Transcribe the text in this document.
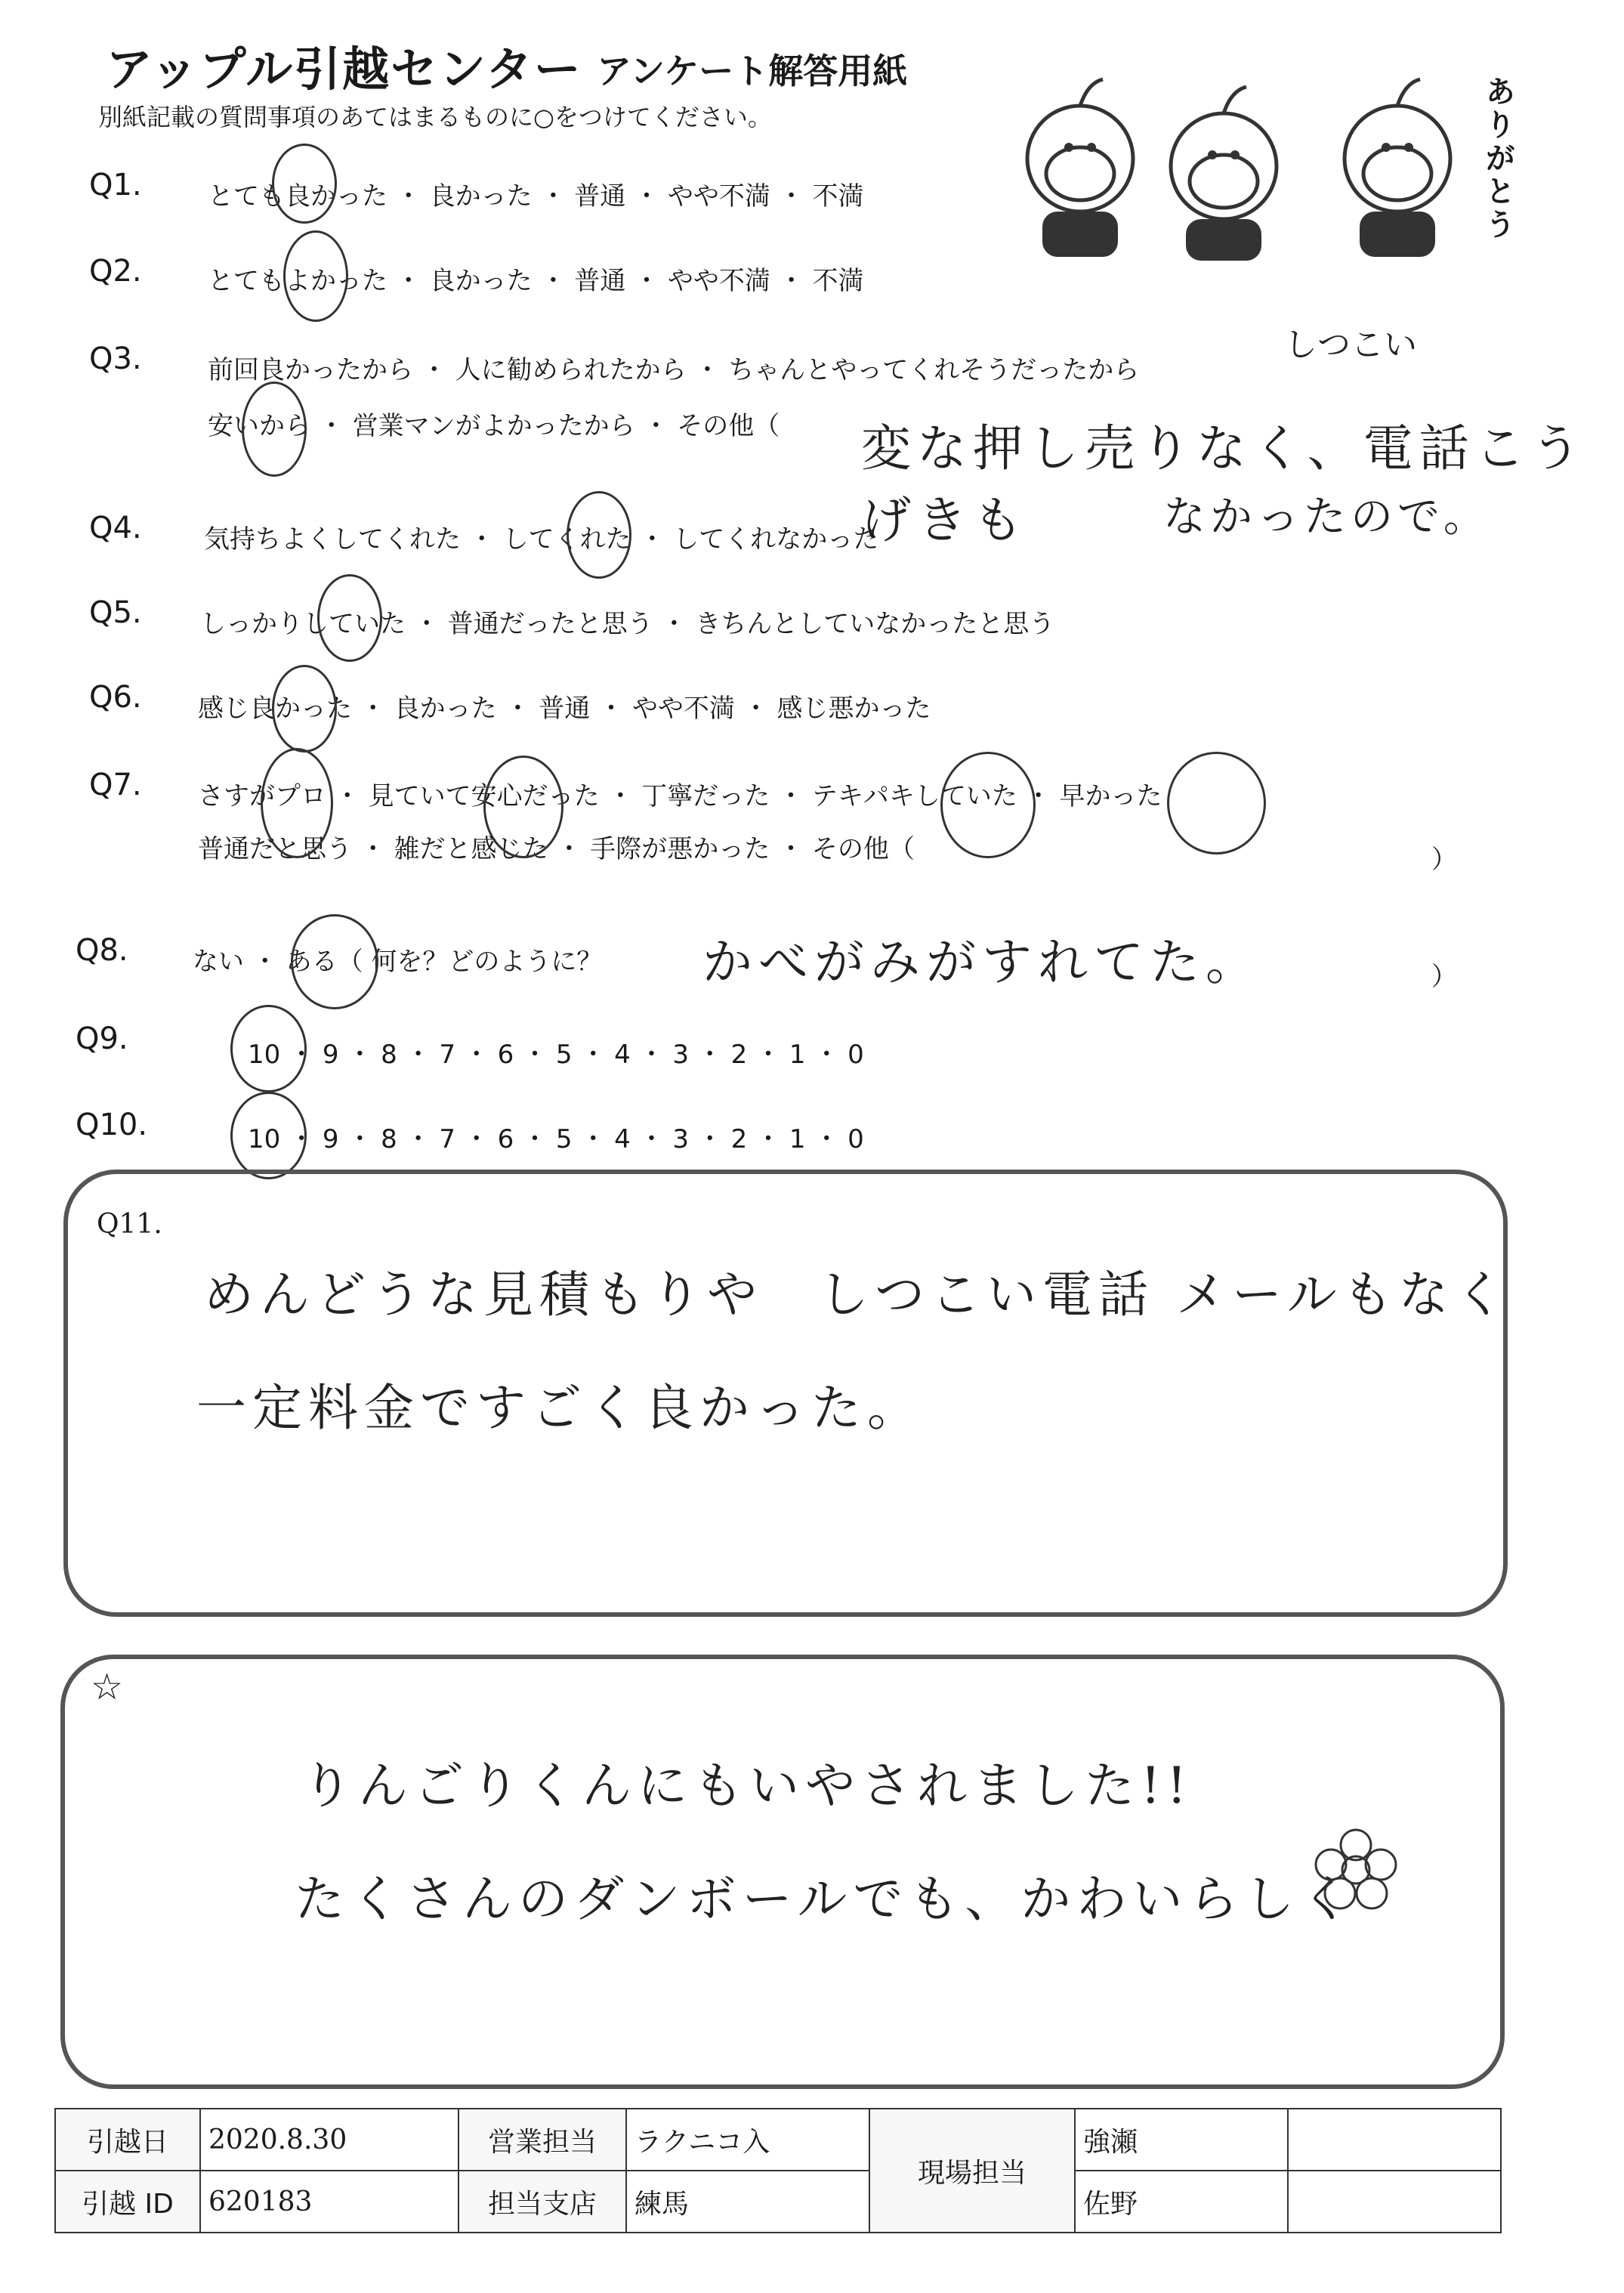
アップル引越センター アンケート解答用紙
別紙記載の質問事項のあてはまるものに○をつけてください。	ありがとう
Q1.	とても良かった ・ 良かった ・ 普通 ・ やや不満 ・ 不満
Q2.	とてもよかった ・ 良かった ・ 普通 ・ やや不満 ・ 不満
Q3.	前回良かったから ・ 人に勧められたから ・ ちゃんとやってくれそうだったから
安いから ・ 営業マンがよかったから ・ その他（
しつこい
変な押し売りなく、電話こうげきも	なかったので。
Q4. 気持ちよくしてくれた ・ してくれた ・ してくれなかった
Q5. しっかりしていた ・ 普通だったと思う ・ きちんとしていなかったと思う
Q6. 感じ良かった ・ 良かった ・ 普通 ・ やや不満 ・ 感じ悪かった
Q7. さすがプロ ・ 見ていて安心だった ・ 丁寧だった ・ テキパキしていた ・ 早かった
普通だと思う ・ 雑だと感じた ・ 手際が悪かった ・ その他（	）
Q8.	ない ・ ある（ 何を？どのように？	）
かべがみがすれてた。
Q9.	10 ・ 9 ・ 8 ・ 7 ・ 6 ・ 5 ・ 4 ・ 3 ・ 2 ・ 1 ・ 0
Q10.	10 ・ 9 ・ 8 ・ 7 ・ 6 ・ 5 ・ 4 ・ 3 ・ 2 ・ 1 ・ 0
Q11.
めんどうな見積もりや　しつこい電話 メールもなく
一定料金ですごく良かった。
☆
りんごりくんにもいやされました!!
たくさんのダンボールでも、かわいらしく
引越日	2020.8.30	営業担当	ラクニコ入	現場担当	強瀬	
引越 ID	620183	担当支店	練馬		佐野	
